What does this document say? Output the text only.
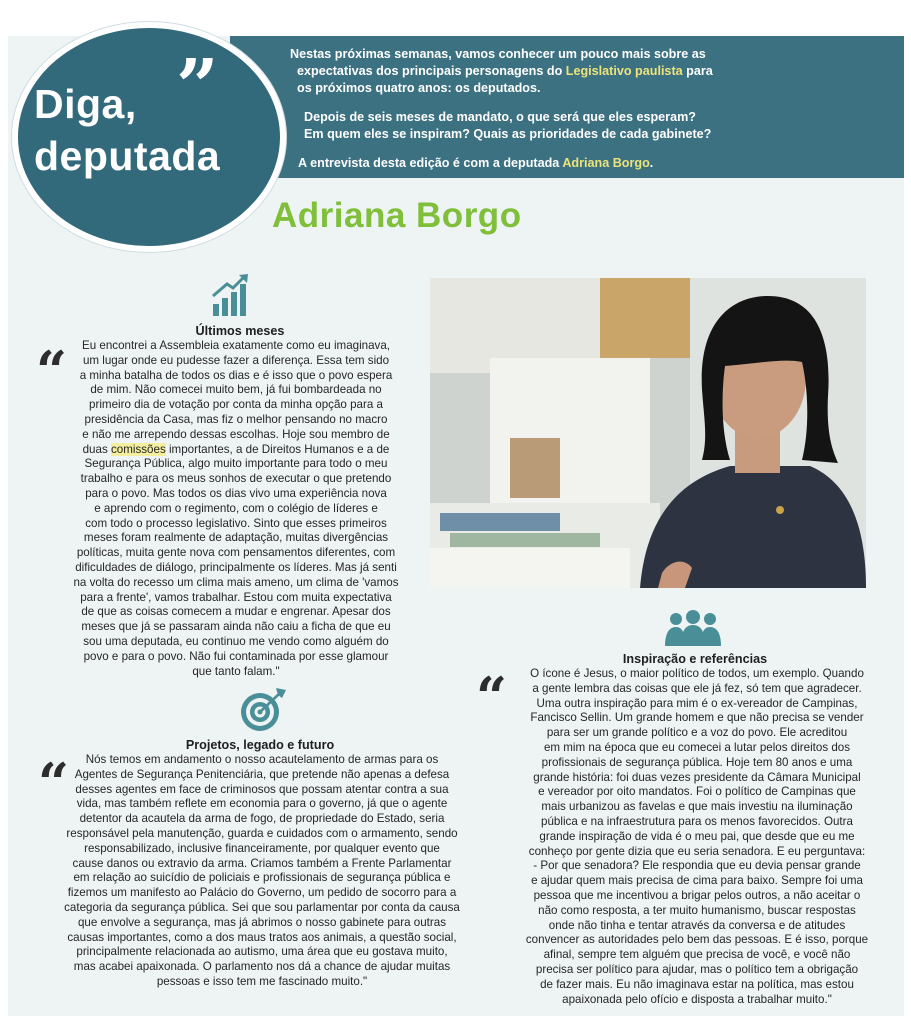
Nestas próximas semanas, vamos conhecer um pouco mais sobre as
expectativas dos principais personagens do Legislativo paulista para
os próximos quatro anos: os deputados.

Depois de seis meses de mandato, o que será que eles esperam?
Em quem eles se inspiram? Quais as prioridades de cada gabinete?

A entrevista desta edição é com a deputada Adriana Borgo.

”
Diga,
deputada
Adriana Borgo
Últimos meses
“	Eu encontrei a Assembleia exatamente como eu imaginava,
um lugar onde eu pudesse fazer a diferença. Essa tem sido
a minha batalha de todos os dias e é isso que o povo espera
de mim. Não comecei muito bem, já fui bombardeada no
primeiro dia de votação por conta da minha opção para a
presidência da Casa, mas fiz o melhor pensando no macro
e não me arrependo dessas escolhas. Hoje sou membro de
duas comissões importantes, a de Direitos Humanos e a de
Segurança Pública, algo muito importante para todo o meu
trabalho e para os meus sonhos de executar o que pretendo
para o povo. Mas todos os dias vivo uma experiência nova
e aprendo com o regimento, com o colégio de líderes e
com todo o processo legislativo. Sinto que esses primeiros
meses foram realmente de adaptação, muitas divergências
políticas, muita gente nova com pensamentos diferentes, com
dificuldades de diálogo, principalmente os líderes. Mas já senti
na volta do recesso um clima mais ameno, um clima de 'vamos
para a frente', vamos trabalhar. Estou com muita expectativa
de que as coisas comecem a mudar e engrenar. Apesar dos
meses que já se passaram ainda não caiu a ficha de que eu
sou uma deputada, eu continuo me vendo como alguém do
povo e para o povo. Não fui contaminada por esse glamour
que tanto falam."
Projetos, legado e futuro
“	Nós temos em andamento o nosso acautelamento de armas para os
Agentes de Segurança Penitenciária, que pretende não apenas a defesa
desses agentes em face de criminosos que possam atentar contra a sua
vida, mas também reflete em economia para o governo, já que o agente
detentor da acautela da arma de fogo, de propriedade do Estado, seria
responsável pela manutenção, guarda e cuidados com o armamento, sendo
responsabilizado, inclusive financeiramente, por qualquer evento que
cause danos ou extravio da arma. Criamos também a Frente Parlamentar
em relação ao suicídio de policiais e profissionais de segurança pública e
fizemos um manifesto ao Palácio do Governo, um pedido de socorro para a
categoria da segurança pública. Sei que sou parlamentar por conta da causa
que envolve a segurança, mas já abrimos o nosso gabinete para outras
causas importantes, como a dos maus tratos aos animais, a questão social,
principalmente relacionada ao autismo, uma área que eu gostava muito,
mas acabei apaixonada. O parlamento nos dá a chance de ajudar muitas
pessoas e isso tem me fascinado muito."
Inspiração e referências
“	O ícone é Jesus, o maior político de todos, um exemplo. Quando
a gente lembra das coisas que ele já fez, só tem que agradecer.
Uma outra inspiração para mim é o ex-vereador de Campinas,
Fancisco Sellin. Um grande homem e que não precisa se vender
para ser um grande político e a voz do povo. Ele acreditou
em mim na época que eu comecei a lutar pelos direitos dos
profissionais de segurança pública. Hoje tem 80 anos e uma
grande história: foi duas vezes presidente da Câmara Municipal
e vereador por oito mandatos. Foi o político de Campinas que
mais urbanizou as favelas e que mais investiu na iluminação
pública e na infraestrutura para os menos favorecidos. Outra
grande inspiração de vida é o meu pai, que desde que eu me
conheço por gente dizia que eu seria senadora. E eu perguntava:
- Por que senadora? Ele respondia que eu devia pensar grande
e ajudar quem mais precisa de cima para baixo. Sempre foi uma
pessoa que me incentivou a brigar pelos outros, a não aceitar o
não como resposta, a ter muito humanismo, buscar respostas
onde não tinha e tentar através da conversa e de atitudes
convencer as autoridades pelo bem das pessoas. E é isso, porque
afinal, sempre tem alguém que precisa de você, e você não
precisa ser político para ajudar, mas o político tem a obrigação
de fazer mais. Eu não imaginava estar na política, mas estou
apaixonada pelo ofício e disposta a trabalhar muito."
